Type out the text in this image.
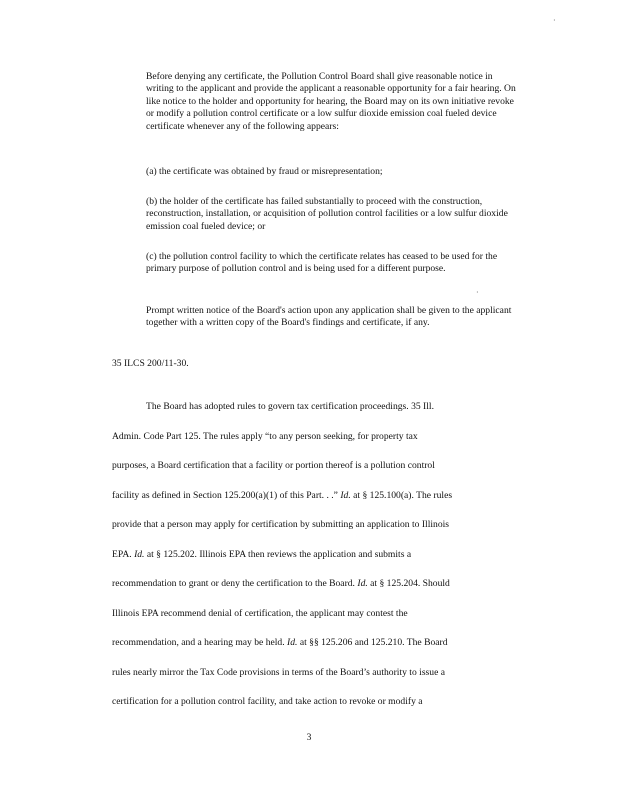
·

Before denying any certificate, the Pollution Control Board shall give reasonable notice in writing to the applicant and provide the applicant a reasonable opportunity for a fair hearing. On like notice to the holder and opportunity for hearing, the Board may on its own initiative revoke or modify a pollution control certificate or a low sulfur dioxide emission coal fueled device certificate whenever any of the following appears:

(a) the certificate was obtained by fraud or misrepresentation;

(b) the holder of the certificate has failed substantially to proceed with the construction, reconstruction, installation, or acquisition of pollution control facilities or a low sulfur dioxide emission coal fueled device; or

(c) the pollution control facility to which the certificate relates has ceased to be used for the primary purpose of pollution control and is being used for a different purpose.

·

Prompt written notice of the Board's action upon any application shall be given to the applicant together with a written copy of the Board's findings and certificate, if any.

35 ILCS 200/11-30.

The Board has adopted rules to govern tax certification proceedings. 35 Ill.

Admin. Code Part 125. The rules apply “to any person seeking, for property tax

purposes, a Board certification that a facility or portion thereof is a pollution control

facility as defined in Section 125.200(a)(1) of this Part. . .” Id. at § 125.100(a). The rules

provide that a person may apply for certification by submitting an application to Illinois

EPA. Id. at § 125.202. Illinois EPA then reviews the application and submits a

recommendation to grant or deny the certification to the Board. Id. at § 125.204. Should

Illinois EPA recommend denial of certification, the applicant may contest the

recommendation, and a hearing may be held. Id. at §§ 125.206 and 125.210. The Board

rules nearly mirror the Tax Code provisions in terms of the Board’s authority to issue a

certification for a pollution control facility, and take action to revoke or modify a

3
